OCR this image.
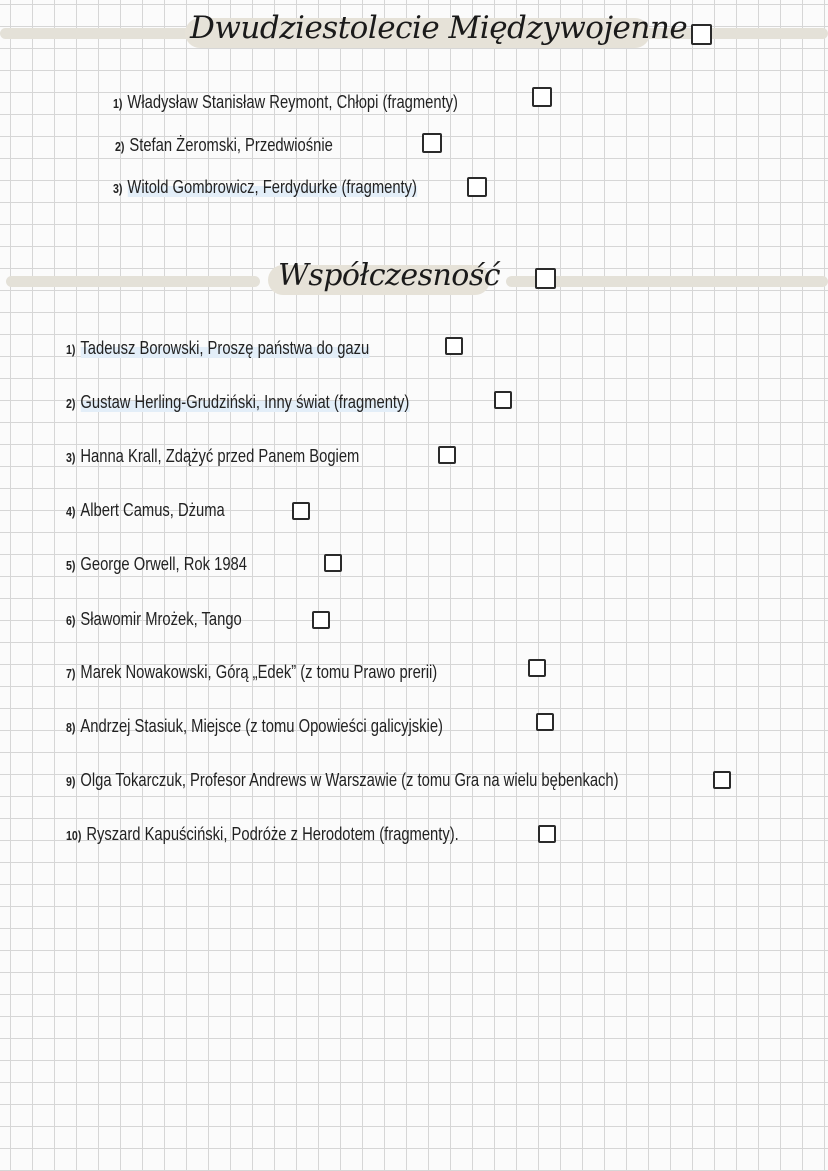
Dwudziestolecie Międzywojenne
1) Władysław Stanisław Reymont, Chłopi (fragmenty)
2) Stefan Żeromski, Przedwiośnie
3) Witold Gombrowicz, Ferdydurke (fragmenty)
Współczesność
1) Tadeusz Borowski, Proszę państwa do gazu
2) Gustaw Herling-Grudziński, Inny świat (fragmenty)
3) Hanna Krall, Zdążyć przed Panem Bogiem
4) Albert Camus, Dżuma
5) George Orwell, Rok 1984
6) Sławomir Mrożek, Tango
7) Marek Nowakowski, Górą „Edek” (z tomu Prawo prerii)
8) Andrzej Stasiuk, Miejsce (z tomu Opowieści galicyjskie)
9) Olga Tokarczuk, Profesor Andrews w Warszawie (z tomu Gra na wielu bębenkach)
10) Ryszard Kapuściński, Podróże z Herodotem (fragmenty).
